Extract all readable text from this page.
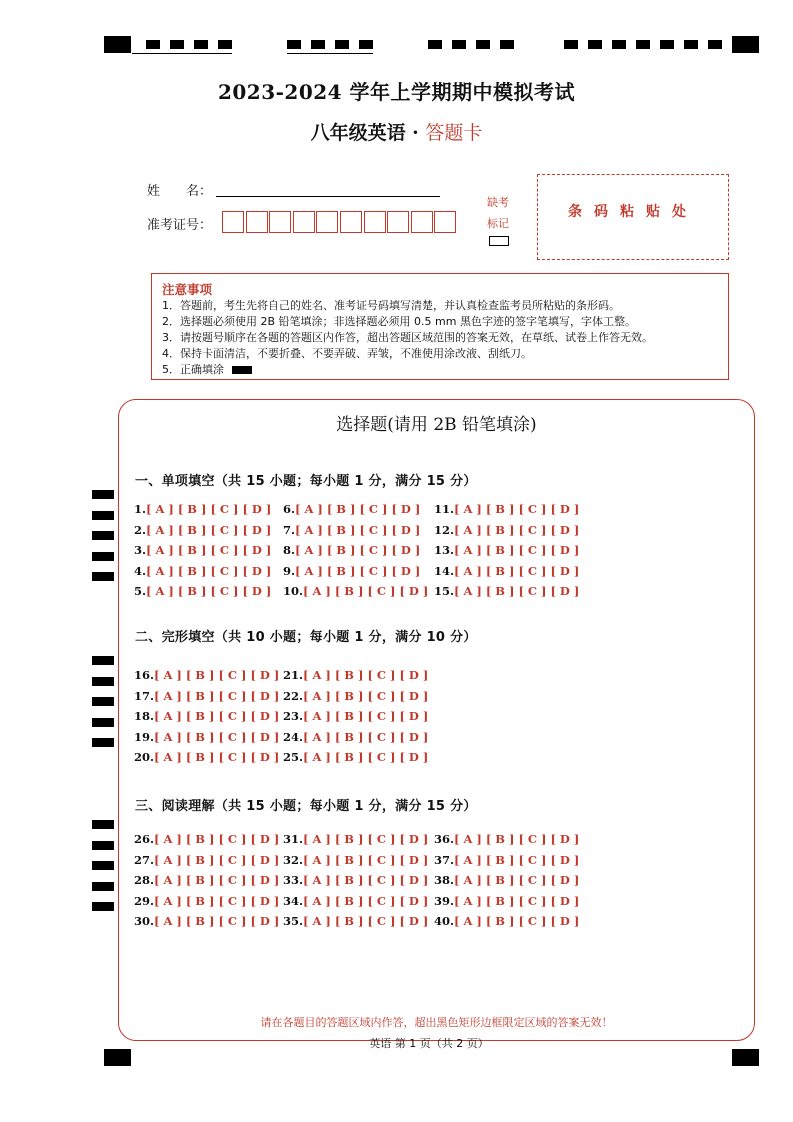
2023-2024 学年上学期期中模拟考试
八年级英语 · 答题卡
姓　　名：
准考证号：
缺考
标记
条码粘贴处
注意事项
1．答题前，考生先将自己的姓名、准考证号码填写清楚，并认真检查监考员所粘贴的条形码。
2．选择题必须使用 2B 铅笔填涂；非选择题必须用 0.5 mm 黑色字迹的签字笔填写，字体工整。
3．请按题号顺序在各题的答题区内作答，超出答题区域范围的答案无效，在草纸、试卷上作答无效。
4．保持卡面清洁，不要折叠、不要弄破、弄皱，不准使用涂改液、刮纸刀。
5．正确填涂
选择题(请用 2B 铅笔填涂)
一、单项填空（共 15 小题；每小题 1 分，满分 15 分）
1.[ A ] [ B ] [ C ] [ D ]
2.[ A ] [ B ] [ C ] [ D ]
3.[ A ] [ B ] [ C ] [ D ]
4.[ A ] [ B ] [ C ] [ D ]
5.[ A ] [ B ] [ C ] [ D ]
6.[ A ] [ B ] [ C ] [ D ]
7.[ A ] [ B ] [ C ] [ D ]
8.[ A ] [ B ] [ C ] [ D ]
9.[ A ] [ B ] [ C ] [ D ]
10.[ A ] [ B ] [ C ] [ D ]
11.[ A ] [ B ] [ C ] [ D ]
12.[ A ] [ B ] [ C ] [ D ]
13.[ A ] [ B ] [ C ] [ D ]
14.[ A ] [ B ] [ C ] [ D ]
15.[ A ] [ B ] [ C ] [ D ]
二、完形填空（共 10 小题；每小题 1 分，满分 10 分）
16.[ A ] [ B ] [ C ] [ D ]
17.[ A ] [ B ] [ C ] [ D ]
18.[ A ] [ B ] [ C ] [ D ]
19.[ A ] [ B ] [ C ] [ D ]
20.[ A ] [ B ] [ C ] [ D ]
21.[ A ] [ B ] [ C ] [ D ]
22.[ A ] [ B ] [ C ] [ D ]
23.[ A ] [ B ] [ C ] [ D ]
24.[ A ] [ B ] [ C ] [ D ]
25.[ A ] [ B ] [ C ] [ D ]
三、阅读理解（共 15 小题；每小题 1 分，满分 15 分）
26.[ A ] [ B ] [ C ] [ D ]
27.[ A ] [ B ] [ C ] [ D ]
28.[ A ] [ B ] [ C ] [ D ]
29.[ A ] [ B ] [ C ] [ D ]
30.[ A ] [ B ] [ C ] [ D ]
31.[ A ] [ B ] [ C ] [ D ]
32.[ A ] [ B ] [ C ] [ D ]
33.[ A ] [ B ] [ C ] [ D ]
34.[ A ] [ B ] [ C ] [ D ]
35.[ A ] [ B ] [ C ] [ D ]
36.[ A ] [ B ] [ C ] [ D ]
37.[ A ] [ B ] [ C ] [ D ]
38.[ A ] [ B ] [ C ] [ D ]
39.[ A ] [ B ] [ C ] [ D ]
40.[ A ] [ B ] [ C ] [ D ]
请在各题目的答题区域内作答，超出黑色矩形边框限定区域的答案无效！
英语 第 1 页（共 2 页）
